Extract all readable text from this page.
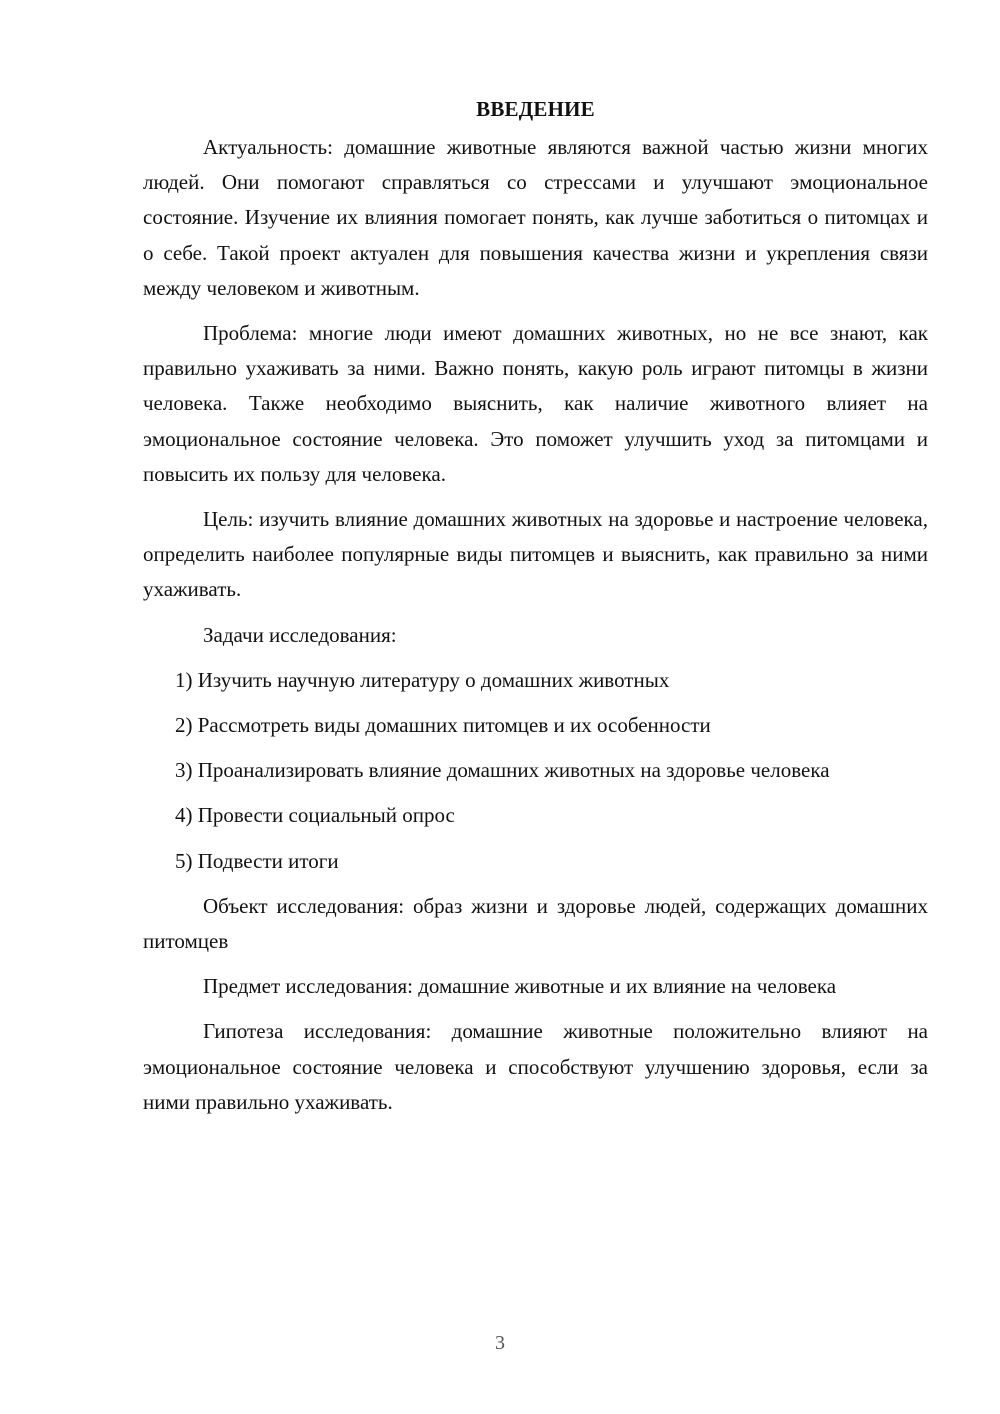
ВВЕДЕНИЕ

Актуальность: домашние животные являются важной частью жизни многих людей. Они помогают справляться со стрессами и улучшают эмоциональное состояние. Изучение их влияния помогает понять, как лучше заботиться о питомцах и о себе. Такой проект актуален для повышения качества жизни и укрепления связи между человеком и животным.

Проблема: многие люди имеют домашних животных, но не все знают, как правильно ухаживать за ними. Важно понять, какую роль играют питомцы в жизни человека. Также необходимо выяснить, как наличие животного влияет на эмоциональное состояние человека. Это поможет улучшить уход за питомцами и повысить их пользу для человека.

Цель: изучить влияние домашних животных на здоровье и настроение человека, определить наиболее популярные виды питомцев и выяснить, как правильно за ними ухаживать.

Задачи исследования:

1) Изучить научную литературу о домашних животных

2) Рассмотреть виды домашних питомцев и их особенности

3) Проанализировать влияние домашних животных на здоровье человека

4) Провести социальный опрос

5) Подвести итоги

Объект исследования: образ жизни и здоровье людей, содержащих домашних питомцев

Предмет исследования: домашние животные и их влияние на человека

Гипотеза исследования: домашние животные положительно влияют на эмоциональное состояние человека и способствуют улучшению здоровья, если за ними правильно ухаживать.

3
